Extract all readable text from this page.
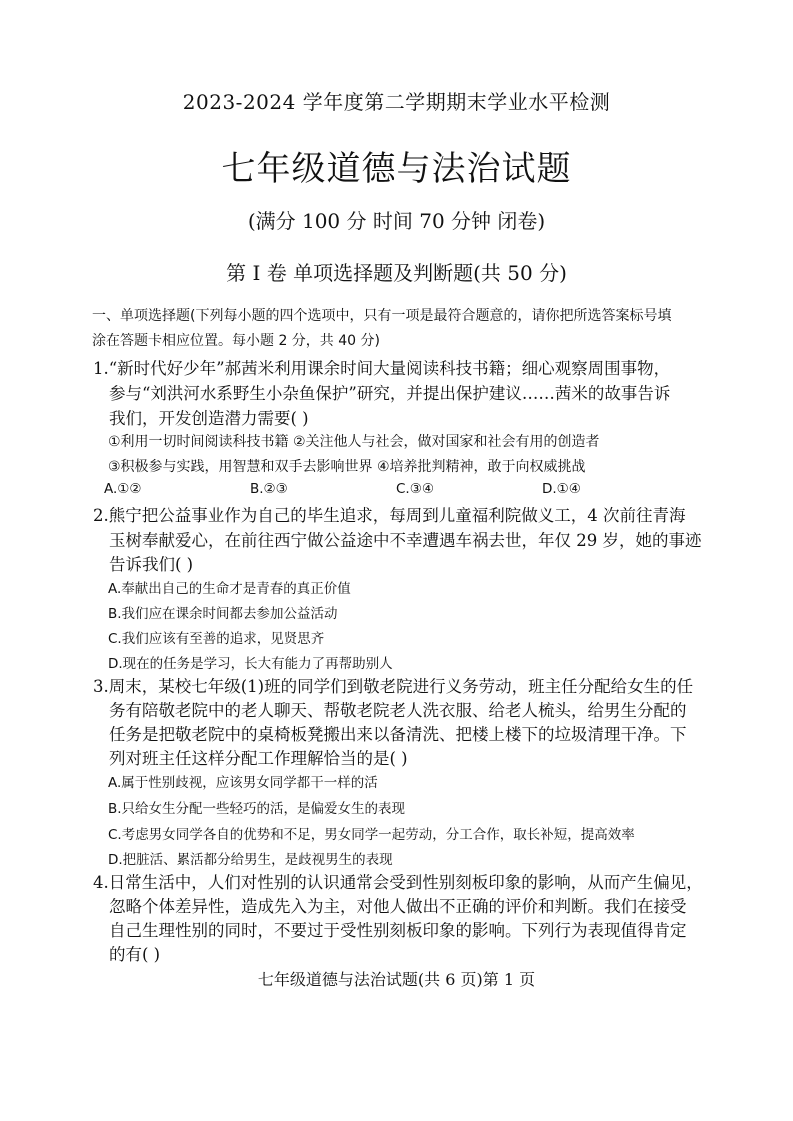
2023-2024 学年度第二学期期末学业水平检测
七年级道德与法治试题
(满分 100 分 时间 70 分钟 闭卷)
第 I 卷 单项选择题及判断题(共 50 分)
一、单项选择题(下列每小题的四个选项中，只有一项是最符合题意的，请你把所选答案标号填
涂在答题卡相应位置。每小题 2 分，共 40 分)
1.“新时代好少年”郝茜米利用课余时间大量阅读科技书籍；细心观察周围事物，
参与“刘洪河水系野生小杂鱼保护”研究，并提出保护建议……茜米的故事告诉
我们，开发创造潜力需要( )
①利用一切时间阅读科技书籍 ②关注他人与社会，做对国家和社会有用的创造者
③积极参与实践，用智慧和双手去影响世界 ④培养批判精神，敢于向权威挑战
A.①②	B.②③	C.③④	D.①④
2.熊宁把公益事业作为自己的毕生追求，每周到儿童福利院做义工，4 次前往青海
玉树奉献爱心，在前往西宁做公益途中不幸遭遇车祸去世，年仅 29 岁，她的事迹
告诉我们( )
A.奉献出自己的生命才是青春的真正价值
B.我们应在课余时间都去参加公益活动
C.我们应该有至善的追求，见贤思齐
D.现在的任务是学习，长大有能力了再帮助别人
3.周末，某校七年级(1)班的同学们到敬老院进行义务劳动，班主任分配给女生的任
务有陪敬老院中的老人聊天、帮敬老院老人洗衣服、给老人梳头，给男生分配的
任务是把敬老院中的桌椅板凳搬出来以备清洗、把楼上楼下的垃圾清理干净。下
列对班主任这样分配工作理解恰当的是( )
A.属于性别歧视，应该男女同学都干一样的活
B.只给女生分配一些轻巧的活，是偏爱女生的表现
C.考虑男女同学各自的优势和不足，男女同学一起劳动，分工合作，取长补短，提高效率
D.把脏活、累活都分给男生，是歧视男生的表现
4.日常生活中，人们对性别的认识通常会受到性别刻板印象的影响，从而产生偏见，
忽略个体差异性，造成先入为主，对他人做出不正确的评价和判断。我们在接受
自己生理性别的同时，不要过于受性别刻板印象的影响。下列行为表现值得肯定
的有( )
七年级道德与法治试题(共 6 页)第 1 页
